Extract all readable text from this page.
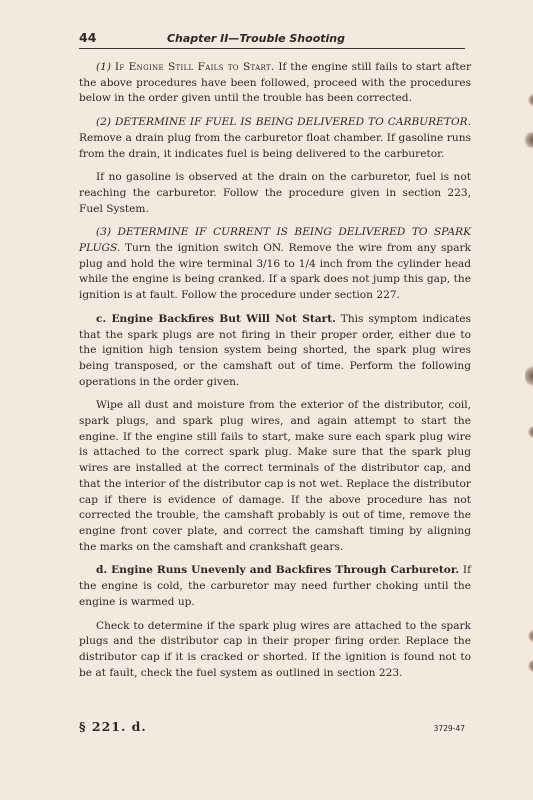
44	Chapter II—Trouble Shooting

(1) If Engine Still Fails to Start. If the engine still fails to start after the above procedures have been followed, proceed with the procedures below in the order given until the trouble has been corrected.

(2) DETERMINE IF FUEL IS BEING DELIVERED TO CARBURETOR. Remove a drain plug from the carburetor float chamber. If gasoline runs from the drain, it indicates fuel is being delivered to the carburetor.

If no gasoline is observed at the drain on the carburetor, fuel is not reaching the carburetor. Follow the procedure given in section 223, Fuel System.

(3) DETERMINE IF CURRENT IS BEING DELIVERED TO SPARK PLUGS. Turn the ignition switch ON. Remove the wire from any spark plug and hold the wire terminal 3/16 to 1/4 inch from the cylinder head while the engine is being cranked. If a spark does not jump this gap, the ignition is at fault. Follow the procedure under section 227.

c. Engine Backfires But Will Not Start. This symptom indicates that the spark plugs are not firing in their proper order, either due to the ignition high tension system being shorted, the spark plug wires being transposed, or the camshaft out of time. Perform the following operations in the order given.

Wipe all dust and moisture from the exterior of the distributor, coil, spark plugs, and spark plug wires, and again attempt to start the engine. If the engine still fails to start, make sure each spark plug wire is attached to the correct spark plug. Make sure that the spark plug wires are installed at the correct terminals of the distributor cap, and that the interior of the distributor cap is not wet. Replace the distributor cap if there is evidence of damage. If the above procedure has not corrected the trouble, the camshaft probably is out of time, remove the engine front cover plate, and correct the camshaft timing by aligning the marks on the camshaft and crankshaft gears.

d. Engine Runs Unevenly and Backfires Through Carburetor. If the engine is cold, the carburetor may need further choking until the engine is warmed up.

Check to determine if the spark plug wires are attached to the spark plugs and the distributor cap in their proper firing order. Replace the distributor cap if it is cracked or shorted. If the ignition is found not to be at fault, check the fuel system as outlined in section 223.

§ 221. d.	3729-47
